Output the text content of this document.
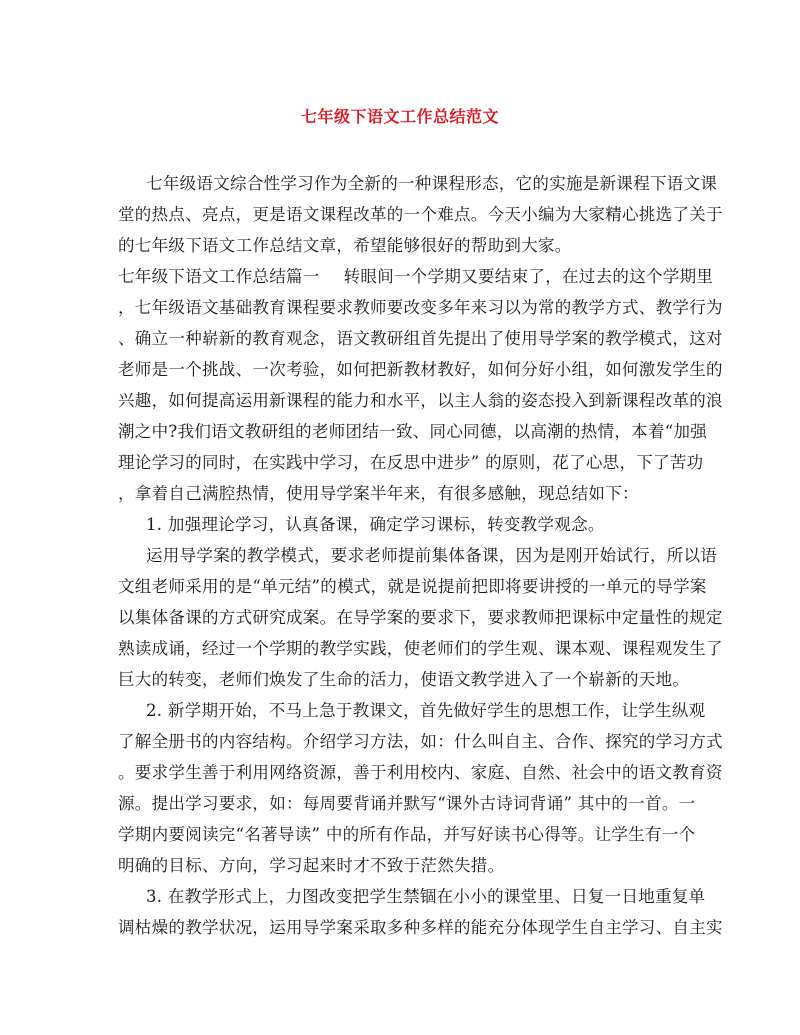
七年级下语文工作总结范文
七年级语文综合性学习作为全新的一种课程形态，它的实施是新课程下语文课
堂的热点、亮点，更是语文课程改革的一个难点。今天小编为大家精心挑选了关于
的七年级下语文工作总结文章，希望能够很好的帮助到大家。
七年级下语文工作总结篇一 转眼间一个学期又要结束了，在过去的这个学期里
，七年级语文基础教育课程要求教师要改变多年来习以为常的教学方式、教学行为
、确立一种崭新的教育观念，语文教研组首先提出了使用导学案的教学模式，这对
老师是一个挑战、一次考验，如何把新教材教好，如何分好小组，如何激发学生的
兴趣，如何提高运用新课程的能力和水平，以主人翁的姿态投入到新课程改革的浪
潮之中?我们语文教研组的老师团结一致、同心同德，以高潮的热情，本着“加强
理论学习的同时，在实践中学习，在反思中进步” 的原则，花了心思，下了苦功
，拿着自己满腔热情，使用导学案半年来，有很多感触，现总结如下：
1. 加强理论学习，认真备课，确定学习课标，转变教学观念。
运用导学案的教学模式，要求老师提前集体备课，因为是刚开始试行，所以语
文组老师采用的是“单元结”的模式，就是说提前把即将要讲授的一单元的导学案
以集体备课的方式研究成案。在导学案的要求下，要求教师把课标中定量性的规定
熟读成诵，经过一个学期的教学实践，使老师们的学生观、课本观、课程观发生了
巨大的转变，老师们焕发了生命的活力，使语文教学进入了一个崭新的天地。
2. 新学期开始，不马上急于教课文，首先做好学生的思想工作，让学生纵观
了解全册书的内容结构。介绍学习方法，如：什么叫自主、合作、探究的学习方式
。要求学生善于利用网络资源，善于利用校内、家庭、自然、社会中的语文教育资
源。提出学习要求，如：每周要背诵并默写“课外古诗词背诵” 其中的一首。一
学期内要阅读完“名著导读” 中的所有作品，并写好读书心得等。让学生有一个
明确的目标、方向，学习起来时才不致于茫然失措。
3. 在教学形式上，力图改变把学生禁锢在小小的课堂里、日复一日地重复单
调枯燥的教学状况，运用导学案采取多种多样的能充分体现学生自主学习、自主实
